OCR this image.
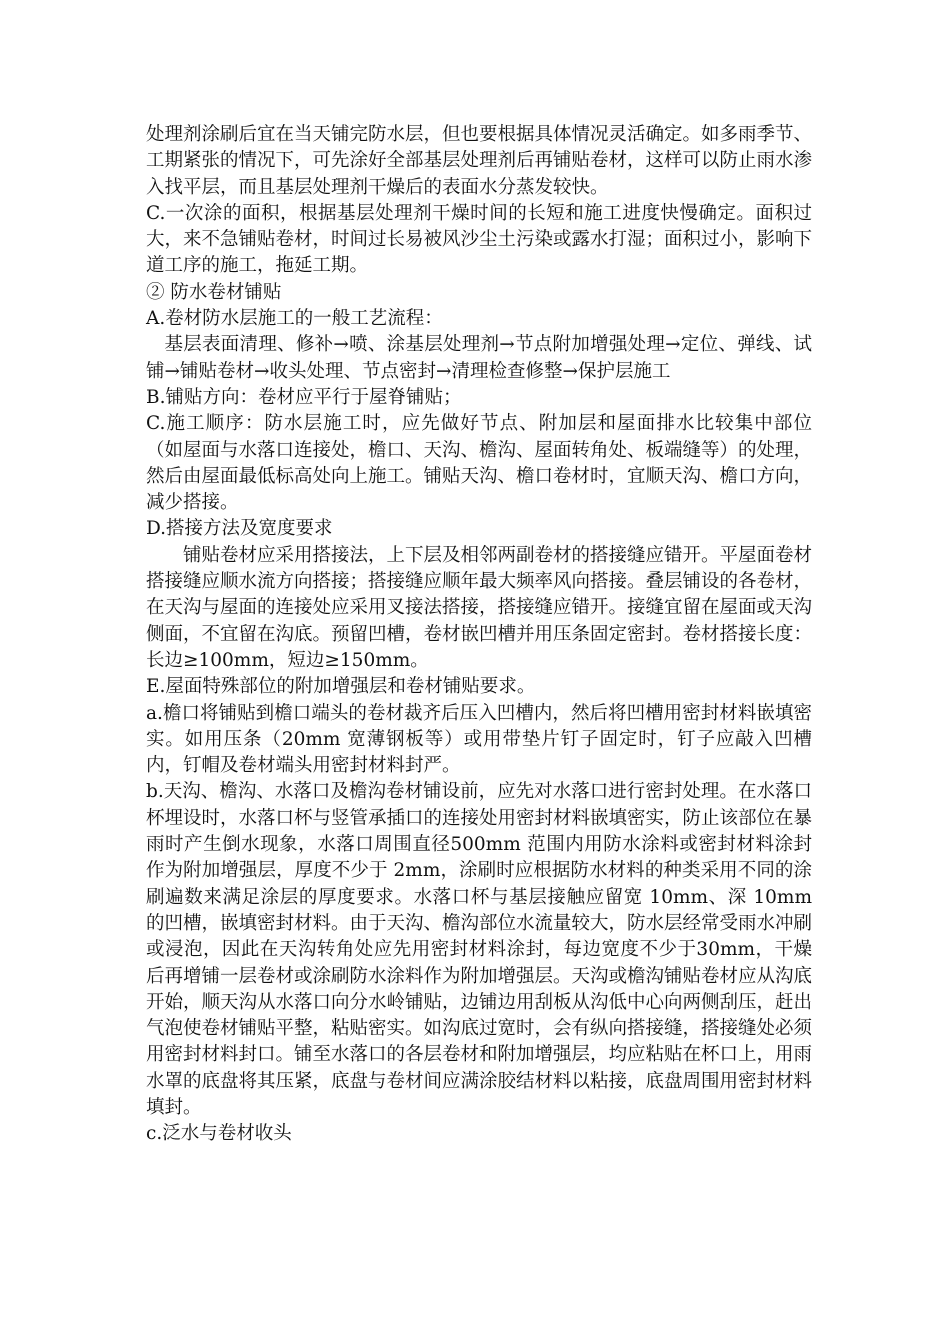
处理剂涂刷后宜在当天铺完防水层，但也要根据具体情况灵活确定。如多雨季节、工期紧张的情况下，可先涂好全部基层处理剂后再铺贴卷材，这样可以防止雨水渗入找平层，而且基层处理剂干燥后的表面水分蒸发较快。

C.一次涂的面积，根据基层处理剂干燥时间的长短和施工进度快慢确定。面积过大，来不急铺贴卷材，时间过长易被风沙尘土污染或露水打湿；面积过小，影响下道工序的施工，拖延工期。

② 防水卷材铺贴

A.卷材防水层施工的一般工艺流程：

基层表面清理、修补→喷、涂基层处理剂→节点附加增强处理→定位、弹线、试铺→铺贴卷材→收头处理、节点密封→清理检查修整→保护层施工

B.铺贴方向：卷材应平行于屋脊铺贴；

C.施工顺序：防水层施工时，应先做好节点、附加层和屋面排水比较集中部位（如屋面与水落口连接处，檐口、天沟、檐沟、屋面转角处、板端缝等）的处理，然后由屋面最低标高处向上施工。铺贴天沟、檐口卷材时，宜顺天沟、檐口方向，减少搭接。

D.搭接方法及宽度要求

铺贴卷材应采用搭接法，上下层及相邻两副卷材的搭接缝应错开。平屋面卷材搭接缝应顺水流方向搭接；搭接缝应顺年最大频率风向搭接。叠层铺设的各卷材，在天沟与屋面的连接处应采用叉接法搭接，搭接缝应错开。接缝宜留在屋面或天沟侧面，不宜留在沟底。预留凹槽，卷材嵌凹槽并用压条固定密封。卷材搭接长度：长边≥100mm，短边≥150mm。

E.屋面特殊部位的附加增强层和卷材铺贴要求。

a.檐口将铺贴到檐口端头的卷材裁齐后压入凹槽内，然后将凹槽用密封材料嵌填密实。如用压条（20mm 宽薄钢板等）或用带垫片钉子固定时，钉子应敲入凹槽内，钉帽及卷材端头用密封材料封严。

b.天沟、檐沟、水落口及檐沟卷材铺设前，应先对水落口进行密封处理。在水落口杯埋设时，水落口杯与竖管承插口的连接处用密封材料嵌填密实，防止该部位在暴雨时产生倒水现象，水落口周围直径500mm 范围内用防水涂料或密封材料涂封作为附加增强层，厚度不少于 2mm，涂刷时应根据防水材料的种类采用不同的涂刷遍数来满足涂层的厚度要求。水落口杯与基层接触应留宽 10mm、深 10mm 的凹槽，嵌填密封材料。由于天沟、檐沟部位水流量较大，防水层经常受雨水冲刷或浸泡，因此在天沟转角处应先用密封材料涂封，每边宽度不少于30mm，干燥后再增铺一层卷材或涂刷防水涂料作为附加增强层。天沟或檐沟铺贴卷材应从沟底开始，顺天沟从水落口向分水岭铺贴，边铺边用刮板从沟低中心向两侧刮压，赶出气泡使卷材铺贴平整，粘贴密实。如沟底过宽时，会有纵向搭接缝，搭接缝处必须用密封材料封口。铺至水落口的各层卷材和附加增强层，均应粘贴在杯口上，用雨水罩的底盘将其压紧，底盘与卷材间应满涂胶结材料以粘接，底盘周围用密封材料填封。

c.泛水与卷材收头
